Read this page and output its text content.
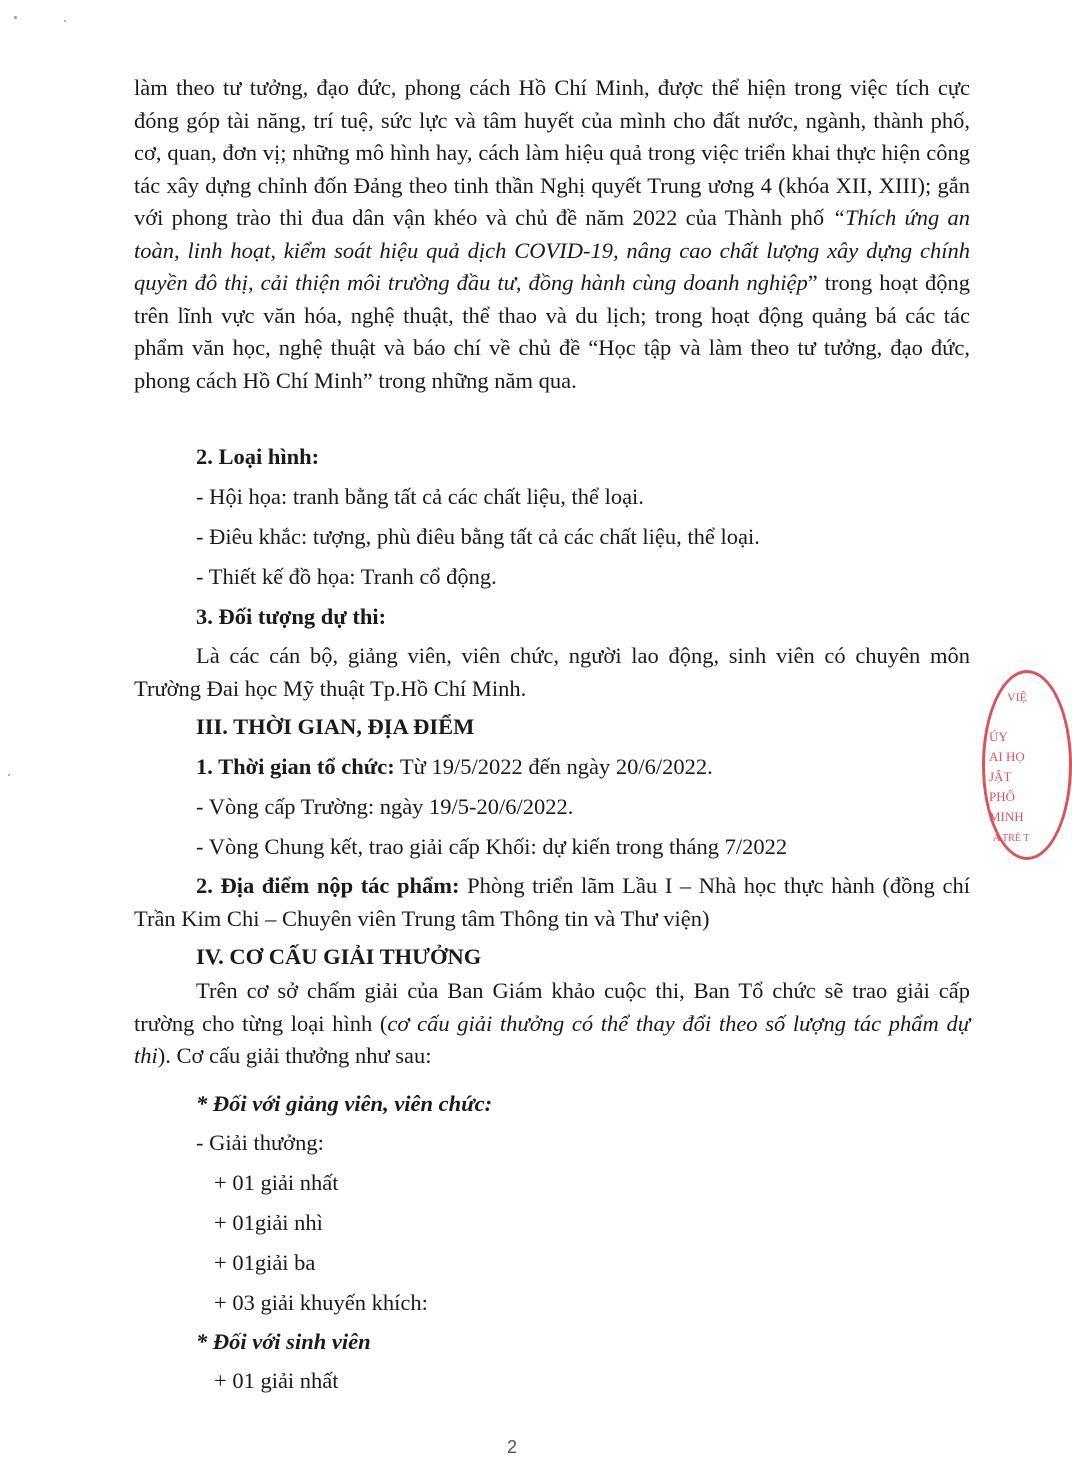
làm theo tư tưởng, đạo đức, phong cách Hồ Chí Minh, được thể hiện trong việc tích cực đóng góp tài năng, trí tuệ, sức lực và tâm huyết của mình cho đất nước, ngành, thành phố, cơ, quan, đơn vị; những mô hình hay, cách làm hiệu quả trong việc triển khai thực hiện công tác xây dựng chỉnh đốn Đảng theo tinh thần Nghị quyết Trung ương 4 (khóa XII, XIII); gắn với phong trào thi đua dân vận khéo và chủ đề năm 2022 của Thành phố “Thích ứng an toàn, linh hoạt, kiểm soát hiệu quả dịch COVID-19, nâng cao chất lượng xây dựng chính quyền đô thị, cải thiện môi trường đầu tư, đồng hành cùng doanh nghiệp” trong hoạt động trên lĩnh vực văn hóa, nghệ thuật, thể thao và du lịch; trong hoạt động quảng bá các tác phẩm văn học, nghệ thuật và báo chí về chủ đề “Học tập và làm theo tư tưởng, đạo đức, phong cách Hồ Chí Minh” trong những năm qua.
2. Loại hình:
- Hội họa: tranh bằng tất cả các chất liệu, thể loại.
- Điêu khắc: tượng, phù điêu bằng tất cả các chất liệu, thể loại.
- Thiết kế đồ họa: Tranh cổ động.
3. Đối tượng dự thi:
Là các cán bộ, giảng viên, viên chức, người lao động, sinh viên có chuyên môn Trường Đai học Mỹ thuật Tp.Hồ Chí Minh.
III. THỜI GIAN, ĐỊA ĐIỂM
1. Thời gian tổ chức: Từ 19/5/2022 đến ngày 20/6/2022.
- Vòng cấp Trường: ngày 19/5-20/6/2022.
- Vòng Chung kết, trao giải cấp Khối: dự kiến trong tháng 7/2022
2. Địa điểm nộp tác phẩm: Phòng triển lãm Lầu I – Nhà học thực hành (đồng chí Trần Kim Chi – Chuyên viên Trung tâm Thông tin và Thư viện)
IV. CƠ CẤU GIẢI THƯỞNG
Trên cơ sở chấm giải của Ban Giám khảo cuộc thi, Ban Tổ chức sẽ trao giải cấp trường cho từng loại hình (cơ cấu giải thưởng có thể thay đổi theo số lượng tác phẩm dự thi). Cơ cấu giải thưởng như sau:
* Đối với giảng viên, viên chức:
- Giải thưởng:
+ 01 giải nhất
+ 01giải nhì
+ 01giải ba
+ 03 giải khuyến khích:
* Đối với sinh viên
+ 01 giải nhất
VIỆ
ÚY
AI HỌ
JẬT
PHỐ
MINH
A TRẺ T
2
